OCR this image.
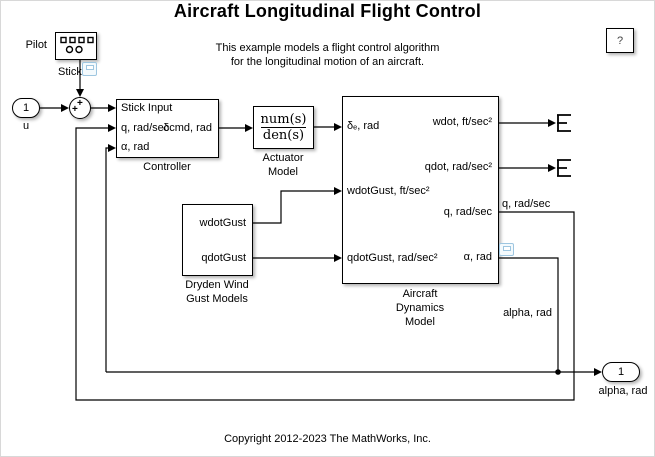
Aircraft Longitudinal Flight Control
This example models a flight control algorithm
for the longitudinal motion of an aircraft.
?
Pilot
Stick
1
u
+
+	Stick Input
q, rad/sec
α, rad
δcmd, rad
Controller
num(s)
den(s)
Actuator
Model
wdotGust
qdotGust
Dryden Wind
Gust Models
δₑ, rad
wdotGust, ft/sec²
qdotGust, rad/sec²
wdot, ft/sec²
qdot, rad/sec²
q, rad/sec
α, rad
Aircraft
Dynamics
Model
q, rad/sec
alpha, rad
1
alpha, rad
Copyright 2012-2023 The MathWorks, Inc.
